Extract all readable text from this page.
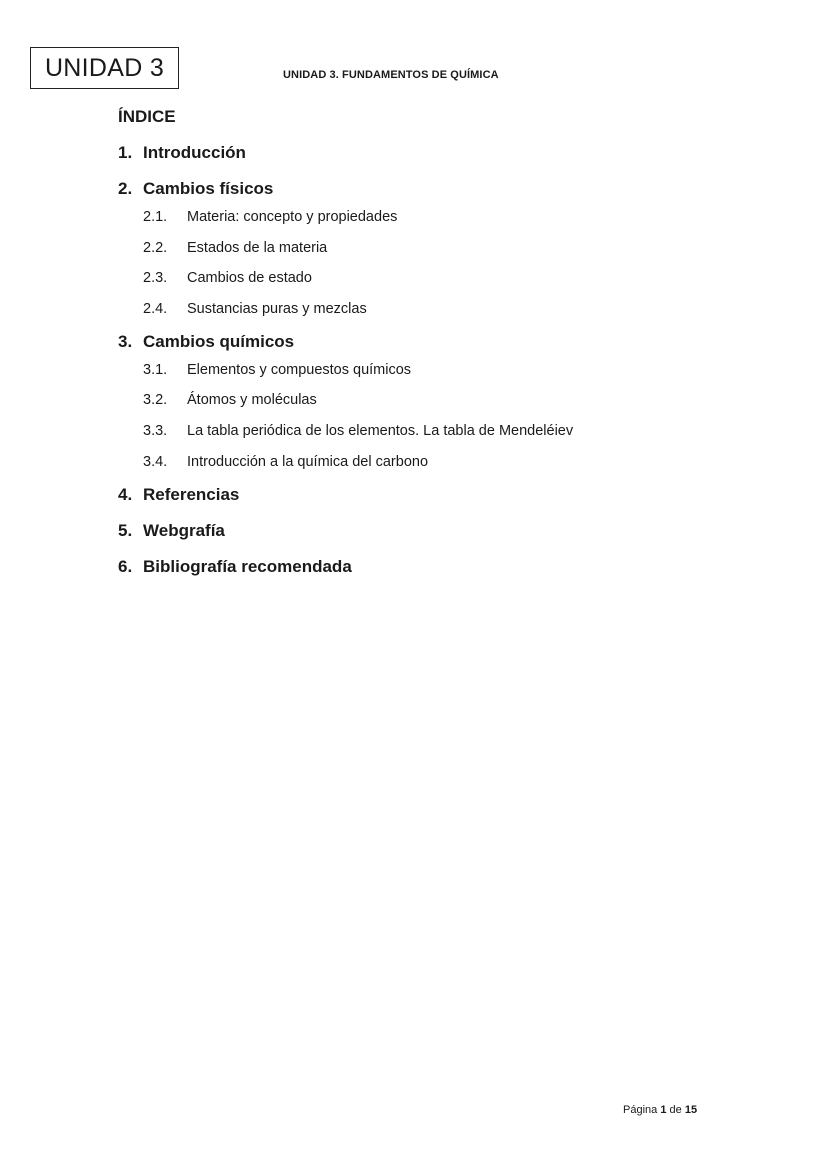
UNIDAD 3	UNIDAD 3. FUNDAMENTOS DE QUÍMICA
ÍNDICE
1. Introducción
2. Cambios físicos
2.1.	Materia: concepto y propiedades
2.2.	Estados de la materia
2.3.	Cambios de estado
2.4.	Sustancias puras y mezclas
3. Cambios químicos
3.1.	Elementos y compuestos químicos
3.2.	Átomos y moléculas
3.3.	La tabla periódica de los elementos. La tabla de Mendeléiev
3.4.	Introducción a la química del carbono
4. Referencias
5. Webgrafía
6. Bibliografía recomendada
Página 1 de 15
